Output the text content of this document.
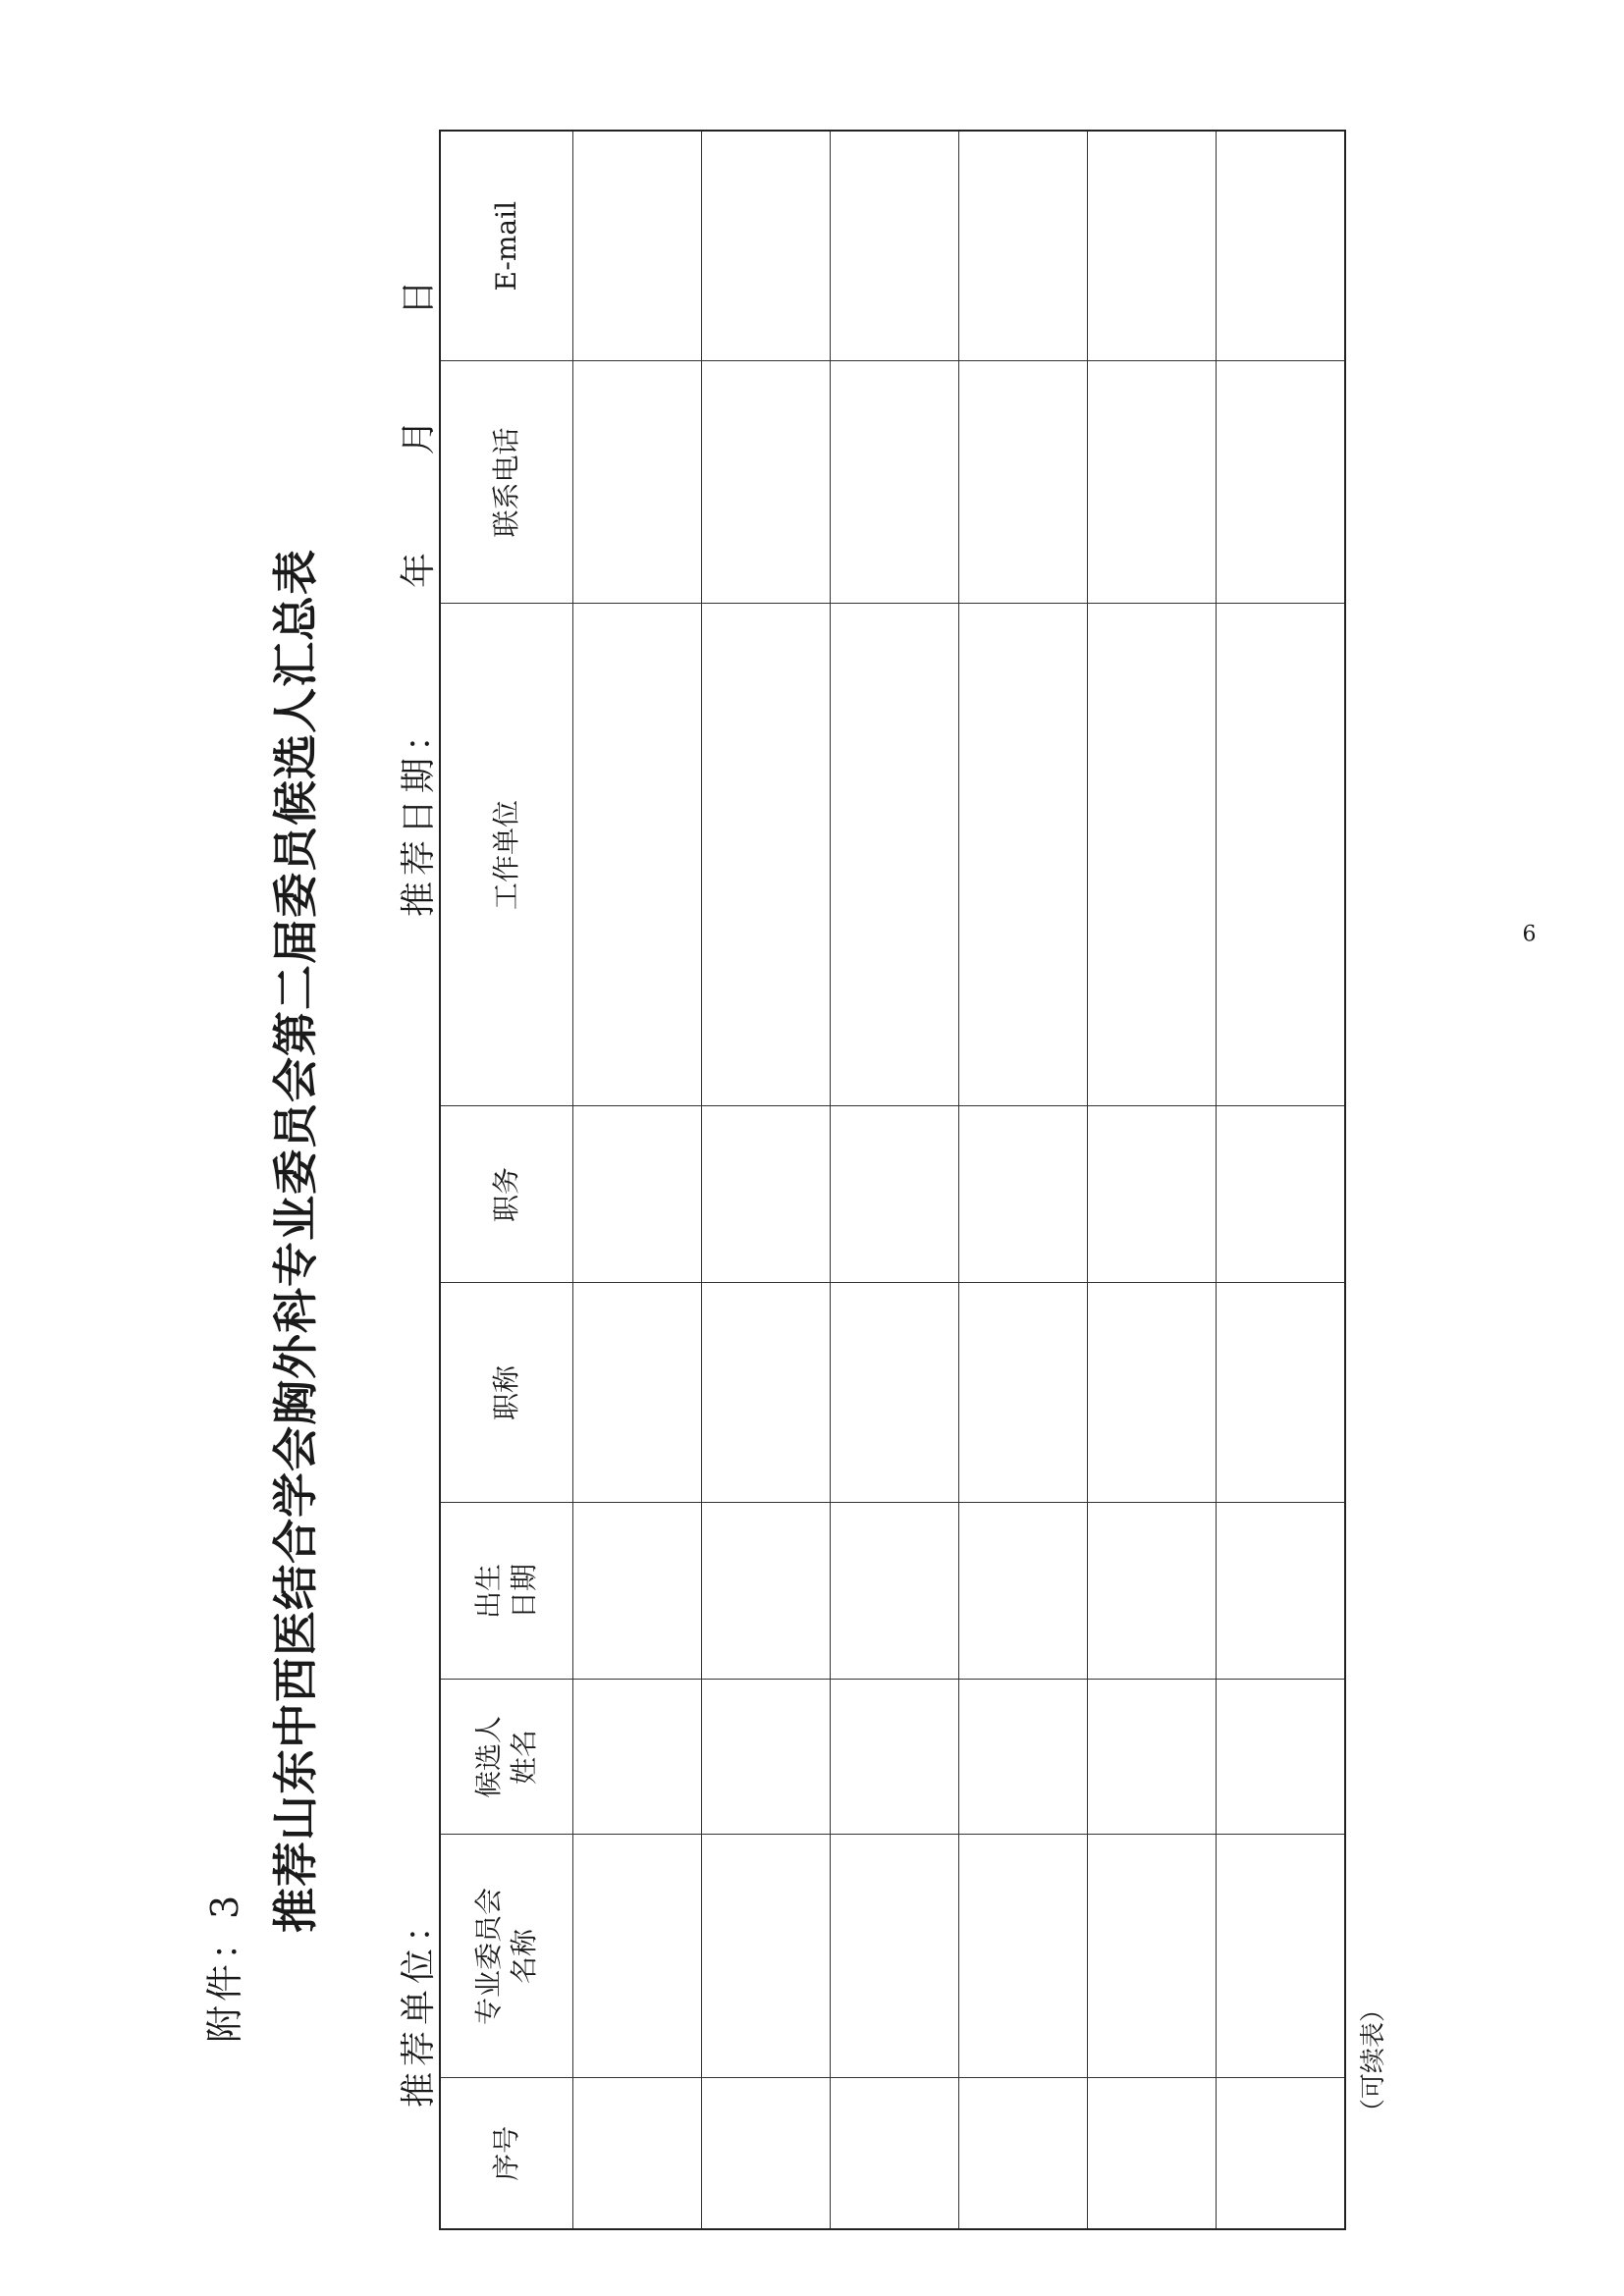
附件：3
推荐山东中西医结合学会胸外科专业委员会第二届委员候选人汇总表
推荐单位：
推荐日期：
年 月 日
序号	专业委员会 名称	候选人 姓名	出生 日期	职称	职务	工作单位	联系电话	E-mail

（可续表）
6
